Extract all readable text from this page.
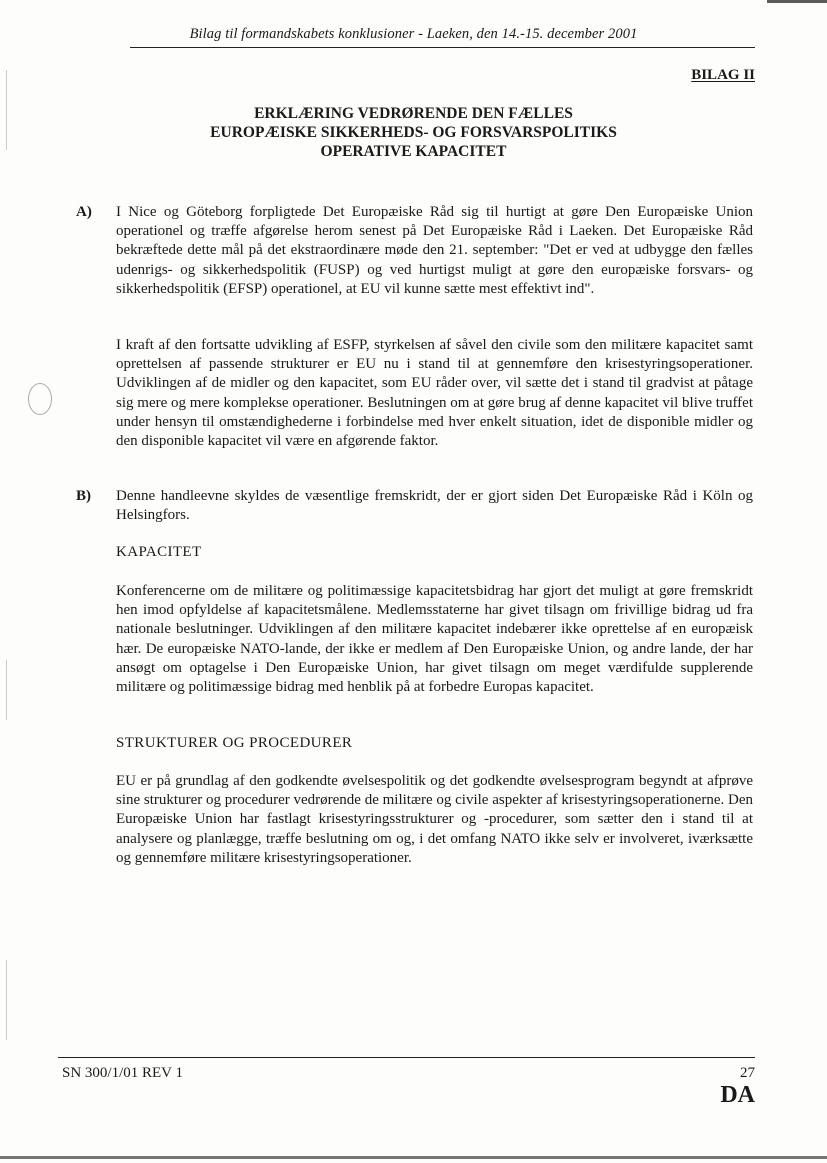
Bilag til formandskabets konklusioner - Laeken, den 14.-15. december 2001
BILAG II
ERKLÆRING VEDRØRENDE DEN FÆLLES
EUROPÆISKE SIKKERHEDS- OG FORSVARSPOLITIKS
OPERATIVE KAPACITET
A) I Nice og Göteborg forpligtede Det Europæiske Råd sig til hurtigt at gøre Den Europæiske Union operationel og træffe afgørelse herom senest på Det Europæiske Råd i Laeken. Det Europæiske Råd bekræftede dette mål på det ekstraordinære møde den 21. september: "Det er ved at udbygge den fælles udenrigs- og sikkerhedspolitik (FUSP) og ved hurtigst muligt at gøre den europæiske forsvars- og sikkerhedspolitik (EFSP) operationel, at EU vil kunne sætte mest effektivt ind".

I kraft af den fortsatte udvikling af ESFP, styrkelsen af såvel den civile som den militære kapacitet samt oprettelsen af passende strukturer er EU nu i stand til at gennemføre den krisestyringsoperationer. Udviklingen af de midler og den kapacitet, som EU råder over, vil sætte det i stand til gradvist at påtage sig mere og mere komplekse operationer. Beslutningen om at gøre brug af denne kapacitet vil blive truffet under hensyn til omstændighederne i forbindelse med hver enkelt situation, idet de disponible midler og den disponible kapacitet vil være en afgørende faktor.

B) Denne handleevne skyldes de væsentlige fremskridt, der er gjort siden Det Europæiske Råd i Köln og Helsingfors.

KAPACITET

Konferencerne om de militære og politimæssige kapacitetsbidrag har gjort det muligt at gøre fremskridt hen imod opfyldelse af kapacitetsmålene. Medlemsstaterne har givet tilsagn om frivillige bidrag ud fra nationale beslutninger. Udviklingen af den militære kapacitet indebærer ikke oprettelse af en europæisk hær. De europæiske NATO-lande, der ikke er medlem af Den Europæiske Union, og andre lande, der har ansøgt om optagelse i Den Europæiske Union, har givet tilsagn om meget værdifulde supplerende militære og politimæssige bidrag med henblik på at forbedre Europas kapacitet.

STRUKTURER OG PROCEDURER

EU er på grundlag af den godkendte øvelsespolitik og det godkendte øvelsesprogram begyndt at afprøve sine strukturer og procedurer vedrørende de militære og civile aspekter af krisestyringsoperationerne. Den Europæiske Union har fastlagt krisestyringsstrukturer og -procedurer, som sætter den i stand til at analysere og planlægge, træffe beslutning om og, i det omfang NATO ikke selv er involveret, iværksætte og gennemføre militære krisestyringsoperationer.

SN 300/1/01 REV 1	27
DA
